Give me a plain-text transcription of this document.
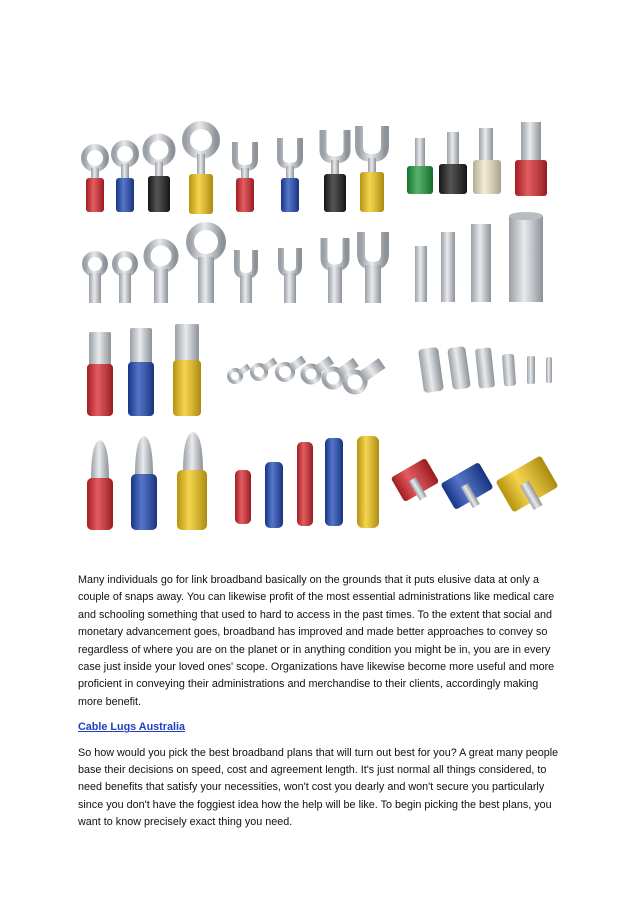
Many individuals go for link broadband basically on the grounds that it puts elusive data at only a couple of snaps away. You can likewise profit of the most essential administrations like medical care and schooling something that used to hard to access in the past times. To the extent that social and monetary advancement goes, broadband has improved and made better approaches to convey so regardless of where you are on the planet or in anything condition you might be in, you are in every case just inside your loved ones' scope. Organizations have likewise become more useful and more proficient in conveying their administrations and merchandise to their clients, accordingly making more benefit.

Cable Lugs Australia

So how would you pick the best broadband plans that will turn out best for you? A great many people base their decisions on speed, cost and agreement length. It's just normal all things considered, to need benefits that satisfy your necessities, won't cost you dearly and won't secure you particularly since you don't have the foggiest idea how the help will be like. To begin picking the best plans, you want to know precisely exact thing you need.
